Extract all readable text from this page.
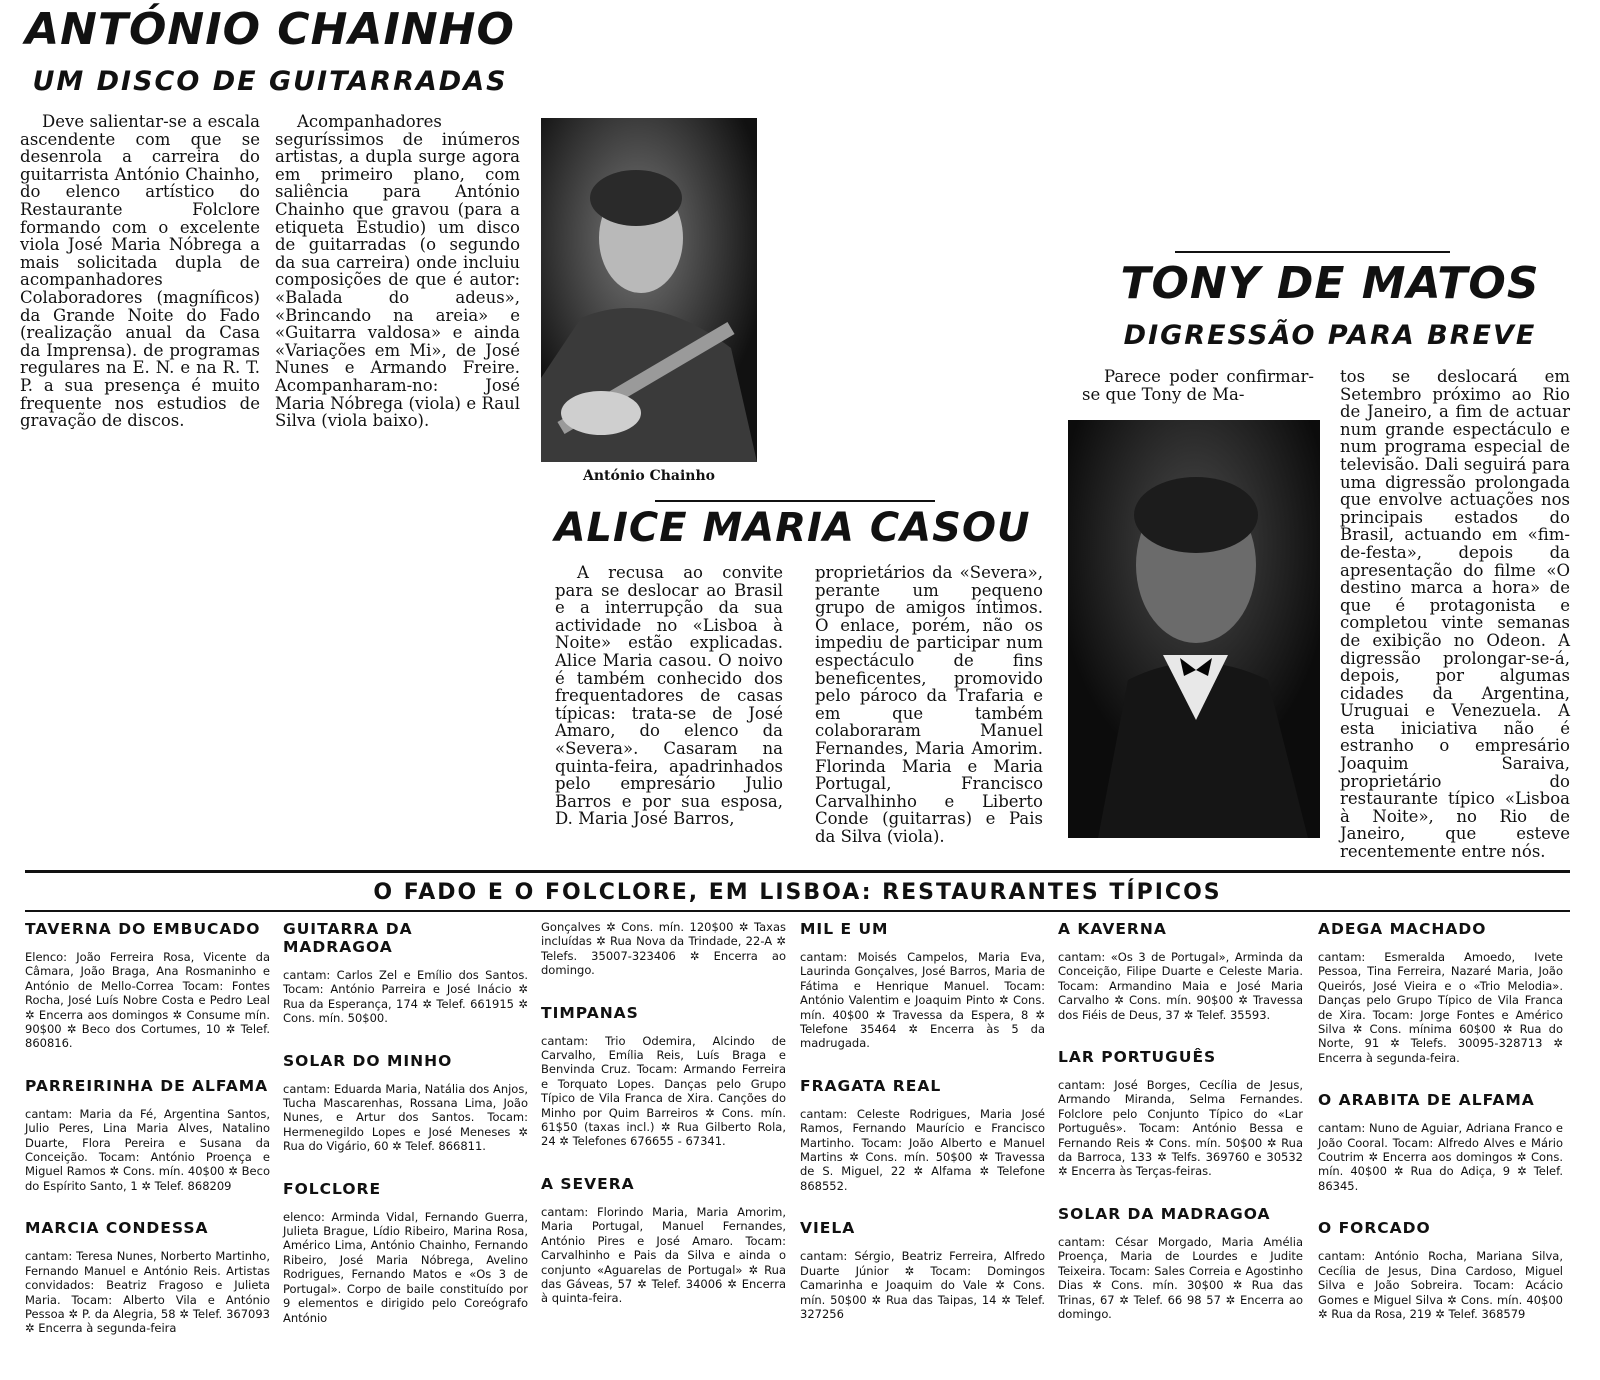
ANTÓNIO CHAINHO
UM DISCO DE GUITARRADAS

Deve salientar-se a escala ascendente com que se desenrola a carreira do guitarrista António Chainho, do elenco artístico do Restaurante Folclore formando com o excelente viola José Maria Nóbrega a mais solicitada dupla de acompanhadores Colaboradores (magníficos) da Grande Noite do Fado (realização anual da Casa da Imprensa). de programas regulares na E. N. e na R. T. P. a sua presença é muito frequente nos estudios de gravação de discos.

Acompanhadores seguríssimos de inúmeros artistas, a dupla surge agora em primeiro plano, com saliência para António Chainho que gravou (para a etiqueta Estudio) um disco de guitarradas (o segundo da sua carreira) onde incluiu composições de que é autor: «Balada do adeus», «Brincando na areia» e «Guitarra valdosa» e ainda «Variações em Mi», de José Nunes e Armando Freire. Acompanharam-no: José Maria Nóbrega (viola) e Raul Silva (viola baixo).

António Chainho
ALICE MARIA CASOU

A recusa ao convite para se deslocar ao Brasil e a interrupção da sua actividade no «Lisboa à Noite» estão explicadas. Alice Maria casou. O noivo é também conhecido dos frequentadores de casas típicas: trata-se de José Amaro, do elenco da «Severa». Casaram na quinta-feira, apadrinhados pelo empresário Julio Barros e por sua esposa, D. Maria José Barros,

proprietários da «Severa», perante um pequeno grupo de amigos íntimos. O enlace, porém, não os impediu de participar num espectáculo de fins beneficentes, promovido pelo pároco da Trafaria e em que também colaboraram Manuel Fernandes, Maria Amorim. Florinda Maria e Maria Portugal, Francisco Carvalhinho e Liberto Conde (guitarras) e Pais da Silva (viola).

TONY DE MATOS
DIGRESSÃO PARA BREVE

Parece poder confirmar-se que Tony de Ma-

tos se deslocará em Setembro próximo ao Rio de Janeiro, a fim de actuar num grande espectáculo e num programa especial de televisão. Dali seguirá para uma digressão prolongada que envolve actuações nos principais estados do Brasil, actuando em «fim-de-festa», depois da apresentação do filme «O destino marca a hora» de que é protagonista e completou vinte semanas de exibição no Odeon. A digressão prolongar-se-á, depois, por algumas cidades da Argentina, Uruguai e Venezuela. A esta iniciativa não é estranho o empresário Joaquim Saraiva, proprietário do restaurante típico «Lisboa à Noite», no Rio de Janeiro, que esteve recentemente entre nós.

O FADO E O FOLCLORE, EM LISBOA: RESTAURANTES TÍPICOS
TAVERNA DO EMBUCADO

Elenco: João Ferreira Rosa, Vicente da Câmara, João Braga, Ana Rosmaninho e António de Mello-Correa Tocam: Fontes Rocha, José Luís Nobre Costa e Pedro Leal ✲ Encerra aos domingos ✲ Consume mín. 90$00 ✲ Beco dos Cortumes, 10 ✲ Telef. 860816.

PARREIRINHA DE ALFAMA

cantam: Maria da Fé, Argentina Santos, Julio Peres, Lina Maria Alves, Natalino Duarte, Flora Pereira e Susana da Conceição. Tocam: António Proença e Miguel Ramos ✲ Cons. mín. 40$00 ✲ Beco do Espírito Santo, 1 ✲ Telef. 868209

MARCIA CONDESSA

cantam: Teresa Nunes, Norberto Martinho, Fernando Manuel e António Reis. Artistas convidados: Beatriz Fragoso e Julieta Maria. Tocam: Alberto Vila e António Pessoa ✲ P. da Alegria, 58 ✲ Telef. 367093 ✲ Encerra à segunda-feira

GUITARRA DA MADRAGOA

cantam: Carlos Zel e Emílio dos Santos. Tocam: António Parreira e José Inácio ✲ Rua da Esperança, 174 ✲ Telef. 661915 ✲ Cons. mín. 50$00.

SOLAR DO MINHO

cantam: Eduarda Maria, Natália dos Anjos, Tucha Mascarenhas, Rossana Lima, João Nunes, e Artur dos Santos. Tocam: Hermenegildo Lopes e José Meneses ✲ Rua do Vigário, 60 ✲ Telef. 866811.

FOLCLORE

elenco: Arminda Vidal, Fernando Guerra, Julieta Brague, Lídio Ribeiro, Marina Rosa, Américo Lima, António Chainho, Fernando Ribeiro, José Maria Nóbrega, Avelino Rodrigues, Fernando Matos e «Os 3 de Portugal». Corpo de baile constituído por 9 elementos e dirigido pelo Coreógrafo António

Gonçalves ✲ Cons. mín. 120$00 ✲ Taxas incluídas ✲ Rua Nova da Trindade, 22-A ✲ Telefs. 35007-323406 ✲ Encerra ao domingo.

TIMPANAS

cantam: Trio Odemira, Alcindo de Carvalho, Emília Reis, Luís Braga e Benvinda Cruz. Tocam: Armando Ferreira e Torquato Lopes. Danças pelo Grupo Típico de Vila Franca de Xira. Canções do Minho por Quim Barreiros ✲ Cons. mín. 61$50 (taxas incl.) ✲ Rua Gilberto Rola, 24 ✲ Telefones 676655 - 67341.

A SEVERA

cantam: Florindo Maria, Maria Amorim, Maria Portugal, Manuel Fernandes, António Pires e José Amaro. Tocam: Carvalhinho e Pais da Silva e ainda o conjunto «Aguarelas de Portugal» ✲ Rua das Gáveas, 57 ✲ Telef. 34006 ✲ Encerra à quinta-feira.

MIL E UM

cantam: Moisés Campelos, Maria Eva, Laurinda Gonçalves, José Barros, Maria de Fátima e Henrique Manuel. Tocam: António Valentim e Joaquim Pinto ✲ Cons. mín. 40$00 ✲ Travessa da Espera, 8 ✲ Telefone 35464 ✲ Encerra às 5 da madrugada.

FRAGATA REAL

cantam: Celeste Rodrigues, Maria José Ramos, Fernando Maurício e Francisco Martinho. Tocam: João Alberto e Manuel Martins ✲ Cons. mín. 50$00 ✲ Travessa de S. Miguel, 22 ✲ Alfama ✲ Telefone 868552.

VIELA

cantam: Sérgio, Beatriz Ferreira, Alfredo Duarte Júnior ✲ Tocam: Domingos Camarinha e Joaquim do Vale ✲ Cons. mín. 50$00 ✲ Rua das Taipas, 14 ✲ Telef. 327256

A KAVERNA

cantam: «Os 3 de Portugal», Arminda da Conceição, Filipe Duarte e Celeste Maria. Tocam: Armandino Maia e José Maria Carvalho ✲ Cons. mín. 90$00 ✲ Travessa dos Fiéis de Deus, 37 ✲ Telef. 35593.

LAR PORTUGUÊS

cantam: José Borges, Cecília de Jesus, Armando Miranda, Selma Fernandes. Folclore pelo Conjunto Típico do «Lar Português». Tocam: António Bessa e Fernando Reis ✲ Cons. mín. 50$00 ✲ Rua da Barroca, 133 ✲ Telfs. 369760 e 30532 ✲ Encerra às Terças-feiras.

SOLAR DA MADRAGOA

cantam: César Morgado, Maria Amélia Proença, Maria de Lourdes e Judite Teixeira. Tocam: Sales Correia e Agostinho Dias ✲ Cons. mín. 30$00 ✲ Rua das Trinas, 67 ✲ Telef. 66 98 57 ✲ Encerra ao domingo.

ADEGA MACHADO

cantam: Esmeralda Amoedo, Ivete Pessoa, Tina Ferreira, Nazaré Maria, João Queirós, José Vieira e o «Trio Melodia». Danças pelo Grupo Típico de Vila Franca de Xira. Tocam: Jorge Fontes e Américo Silva ✲ Cons. mínima 60$00 ✲ Rua do Norte, 91 ✲ Telefs. 30095-328713 ✲ Encerra à segunda-feira.

O ARABITA DE ALFAMA

cantam: Nuno de Aguiar, Adriana Franco e João Cooral. Tocam: Alfredo Alves e Mário Coutrim ✲ Encerra aos domingos ✲ Cons. mín. 40$00 ✲ Rua do Adiça, 9 ✲ Telef. 86345.

O FORCADO

cantam: António Rocha, Mariana Silva, Cecília de Jesus, Dina Cardoso, Miguel Silva e João Sobreira. Tocam: Acácio Gomes e Miguel Silva ✲ Cons. mín. 40$00 ✲ Rua da Rosa, 219 ✲ Telef. 368579
